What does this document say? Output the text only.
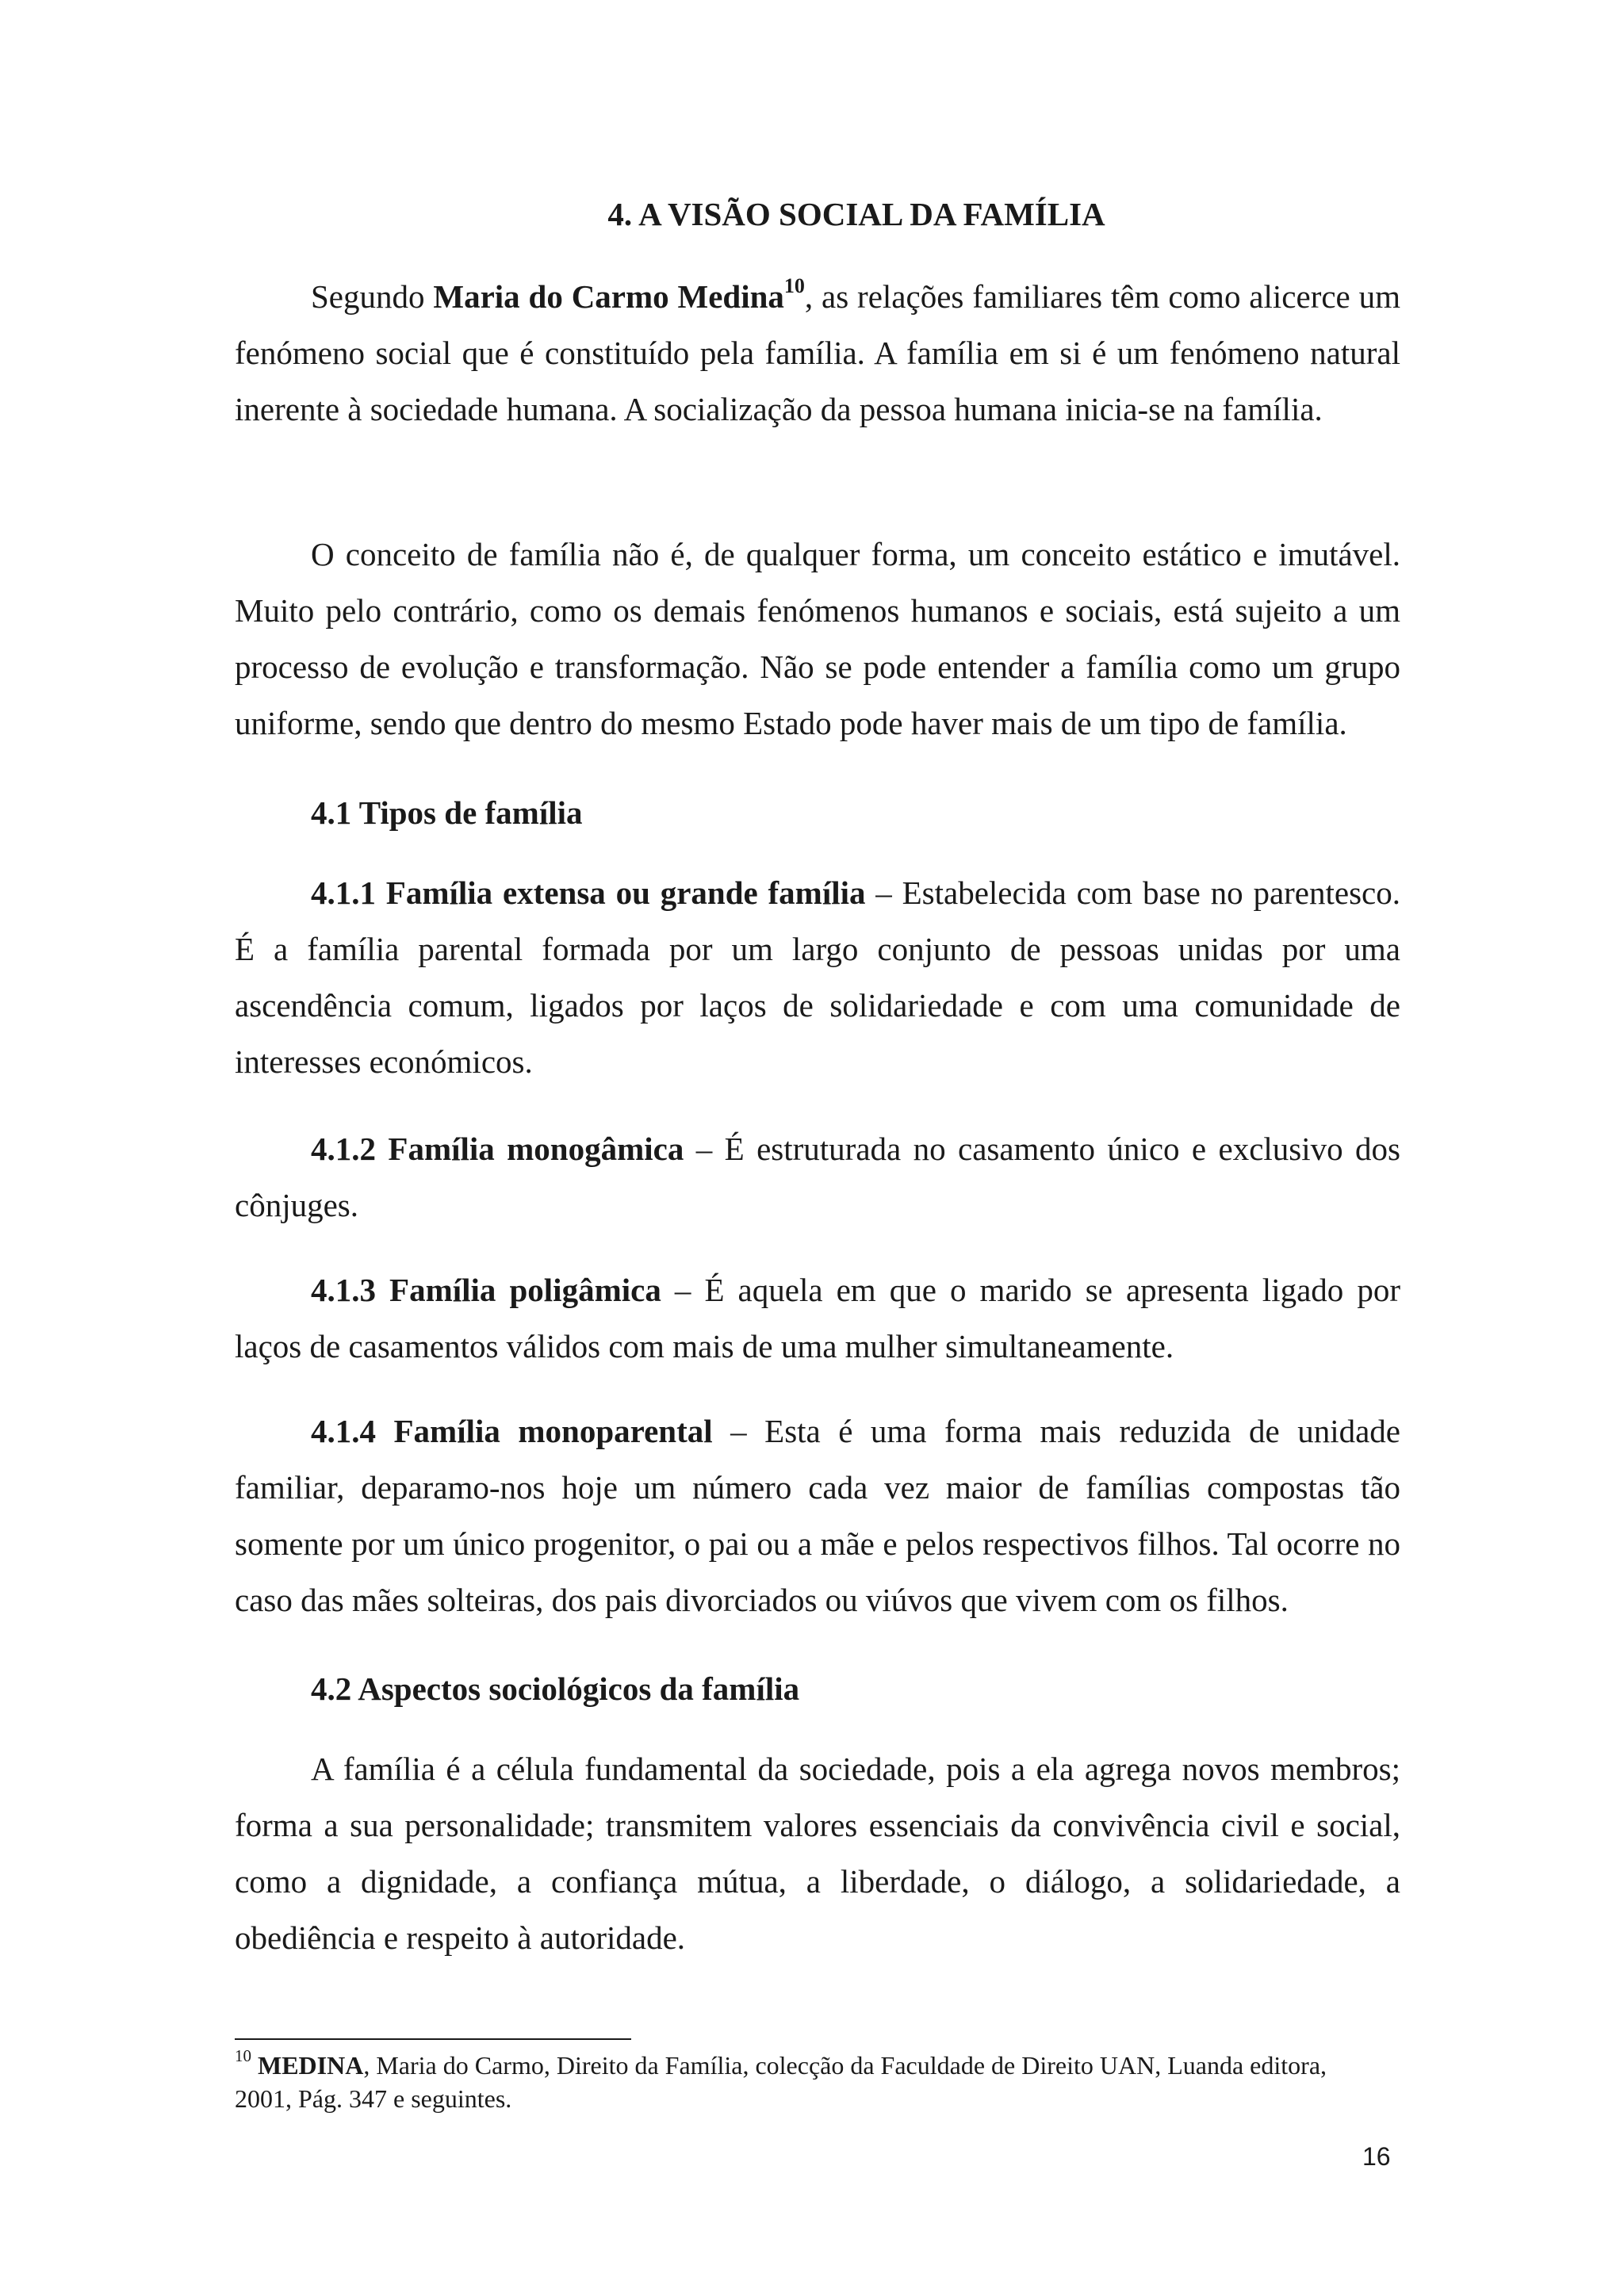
4. A VISÃO SOCIAL DA FAMÍLIA

Segundo Maria do Carmo Medina$^{10}$, as relações familiares têm como alicerce um fenómeno social que é constituído pela família. A família em si é um fenómeno natural inerente à sociedade humana. A socialização da pessoa humana inicia-se na família.

O conceito de família não é, de qualquer forma, um conceito estático e imutável. Muito pelo contrário, como os demais fenómenos humanos e sociais, está sujeito a um processo de evolução e transformação. Não se pode entender a família como um grupo uniforme, sendo que dentro do mesmo Estado pode haver mais de um tipo de família.

4.1 Tipos de família

4.1.1 Família extensa ou grande família – Estabelecida com base no parentesco. É a família parental formada por um largo conjunto de pessoas unidas por uma ascendência comum, ligados por laços de solidariedade e com uma comunidade de interesses económicos.

4.1.2 Família monogâmica – É estruturada no casamento único e exclusivo dos cônjuges.

4.1.3 Família poligâmica – É aquela em que o marido se apresenta ligado por laços de casamentos válidos com mais de uma mulher simultaneamente.

4.1.4 Família monoparental – Esta é uma forma mais reduzida de unidade familiar, deparamo-nos hoje um número cada vez maior de famílias compostas tão somente por um único progenitor, o pai ou a mãe e pelos respectivos filhos. Tal ocorre no caso das mães solteiras, dos pais divorciados ou viúvos que vivem com os filhos.

4.2 Aspectos sociológicos da família

A família é a célula fundamental da sociedade, pois a ela agrega novos membros; forma a sua personalidade; transmitem valores essenciais da convivência civil e social, como a dignidade, a confiança mútua, a liberdade, o diálogo, a solidariedade, a obediência e respeito à autoridade.

$^{10}$ MEDINA, Maria do Carmo, Direito da Família, colecção da Faculdade de Direito UAN, Luanda editora, 2001, Pág. 347 e seguintes.
16
